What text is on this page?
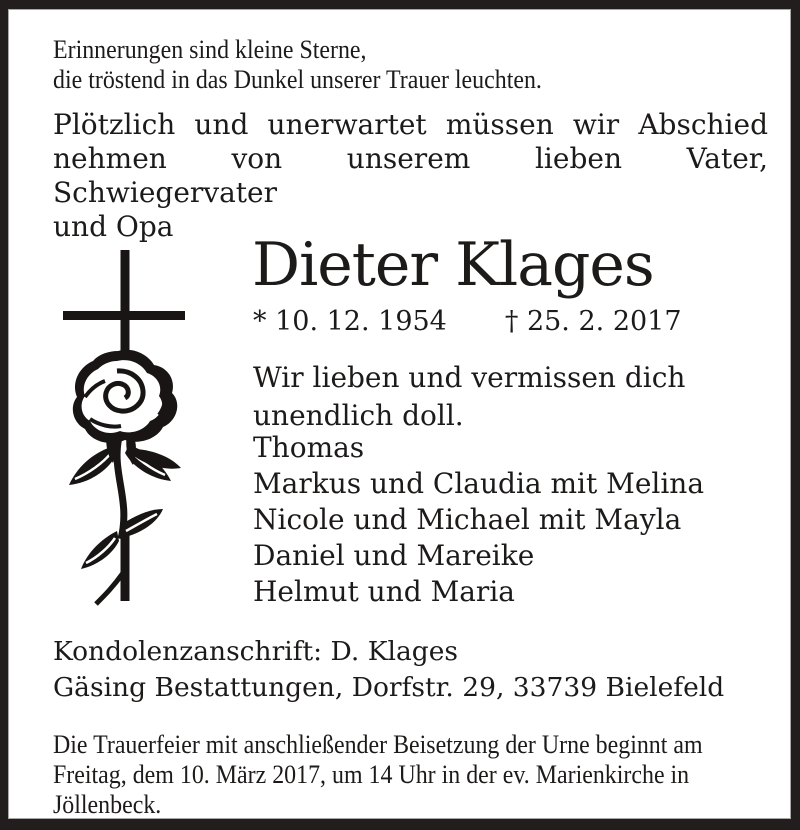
Erinnerungen sind kleine Sterne,
die tröstend in das Dunkel unserer Trauer leuchten.
Plötzlich und unerwartet müssen wir Abschied
nehmen von unserem lieben Vater, Schwiegervater
und Opa
Dieter Klages
* 10. 12. 1954 † 25. 2. 2017
Wir lieben und vermissen dich
unendlich doll.
Thomas
Markus und Claudia mit Melina
Nicole und Michael mit Mayla
Daniel und Mareike
Helmut und Maria
Kondolenzanschrift: D. Klages
Gäsing Bestattungen, Dorfstr. 29, 33739 Bielefeld
Die Trauerfeier mit anschließender Beisetzung der Urne beginnt am
Freitag, dem 10. März 2017, um 14 Uhr in der ev. Marienkirche in
Jöllenbeck.
